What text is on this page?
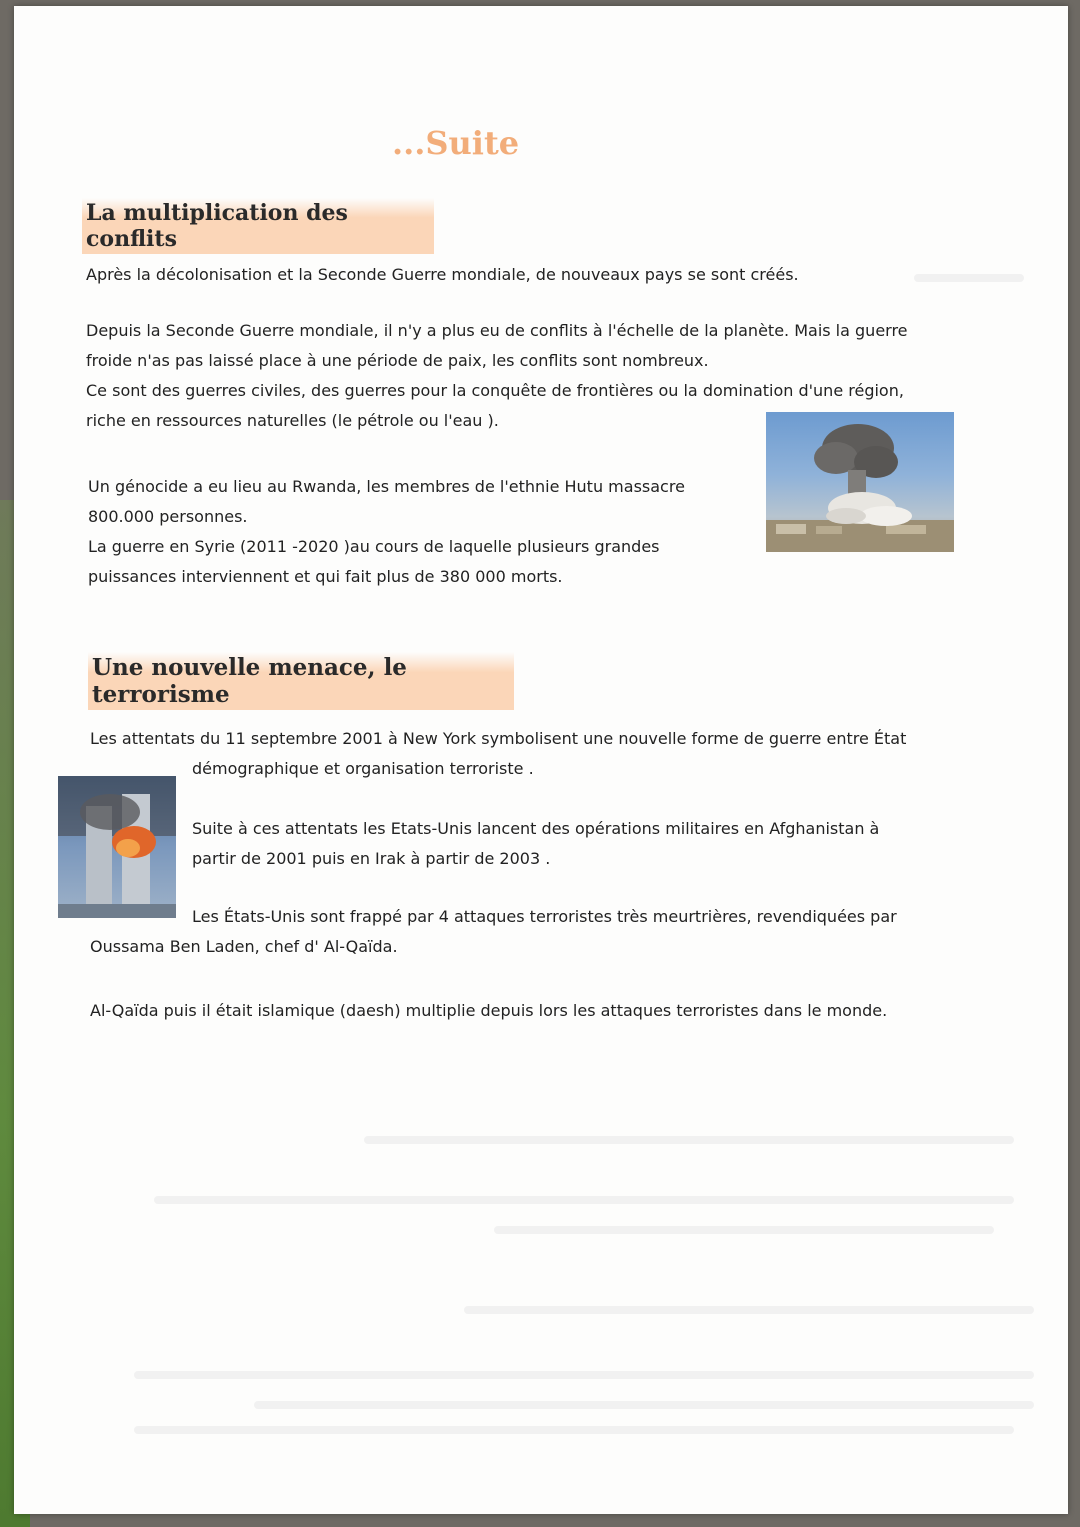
...Suite
La multiplication des conflits
Après la décolonisation et la Seconde Guerre mondiale, de nouveaux pays se sont créés.
Depuis la Seconde Guerre mondiale, il n'y a plus eu de conflits à l'échelle de la planète. Mais la guerre
froide n'as pas laissé place à une période de paix, les conflits sont nombreux.
Ce sont des guerres civiles, des guerres pour la conquête de frontières ou la domination d'une région,
riche en ressources naturelles (le pétrole ou l'eau ).
Un génocide a eu lieu au Rwanda, les membres de l'ethnie Hutu massacre
800.000 personnes.
La guerre en Syrie (2011 -2020 )au cours de laquelle plusieurs grandes
puissances interviennent et qui fait plus de 380 000 morts.
Une nouvelle menace, le terrorisme
Les attentats du 11 septembre 2001 à New York symbolisent une nouvelle forme de guerre entre État
démographique et organisation terroriste .
Suite à ces attentats les Etats-Unis lancent des opérations militaires en Afghanistan à
partir de 2001 puis en Irak à partir de 2003 .
Les États-Unis sont frappé par 4 attaques terroristes très meurtrières, revendiquées par
Oussama Ben Laden, chef d' Al-Qaïda.
Al-Qaïda puis il était islamique (daesh) multiplie depuis lors les attaques terroristes dans le monde.
